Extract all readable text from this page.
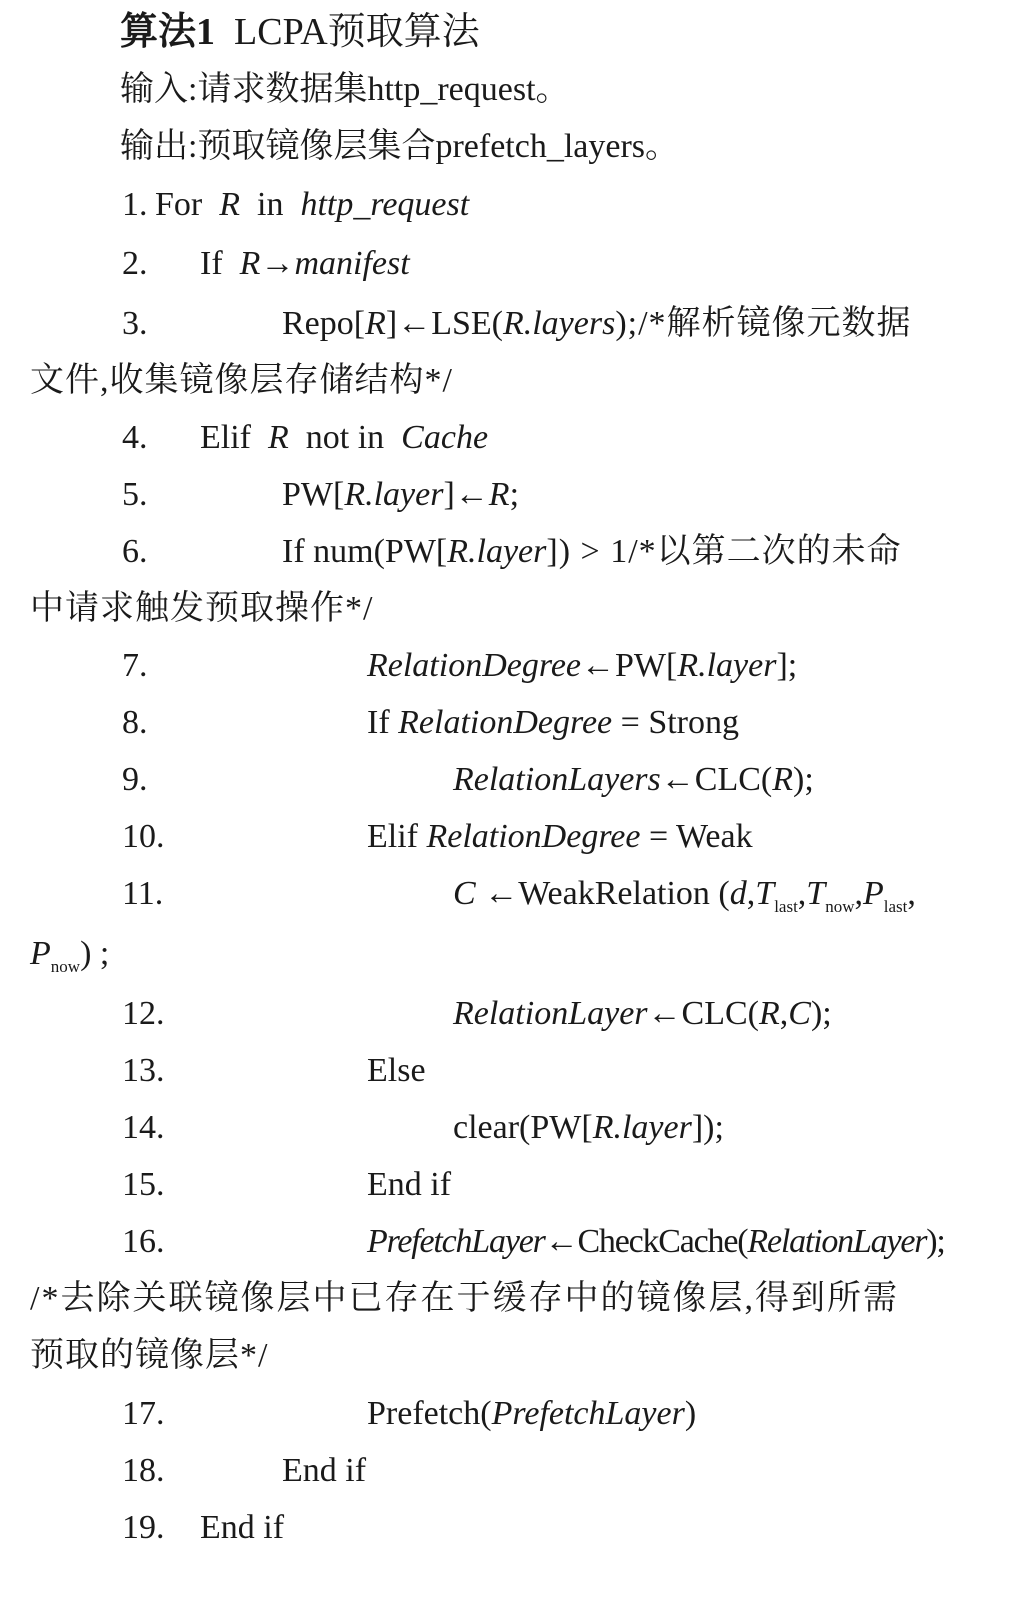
算法1 LCPA预取算法
输入:请求数据集http_request。
输出:预取镜像层集合prefetch_layers。
1. For R in http_request
2. If R→manifest
3.	Repo[R]←LSE(R.layers);/*解析镜像元数据
文件,收集镜像层存储结构*/
4. Elif R not in Cache
5.	PW[R.layer]←R;
6.	If num(PW[R.layer]) > 1/*以第二次的未命
中请求触发预取操作*/
7.	RelationDegree←PW[R.layer];
8.	If RelationDegree = Strong
9.	RelationLayers←CLC(R);
10.	Elif RelationDegree = Weak
11.	C ←WeakRelation ($d,T_{last},T_{now},P_{last}$,
$P_{now}$) ;
12.	RelationLayer←CLC(R,C);
13.	Else
14.	clear(PW[R.layer]);
15.	End if
16.	PrefetchLayer←CheckCache(RelationLayer);
/*去除关联镜像层中已存在于缓存中的镜像层,得到所需
预取的镜像层*/
17.	Prefetch(PrefetchLayer)
18.	End if
19. End if
